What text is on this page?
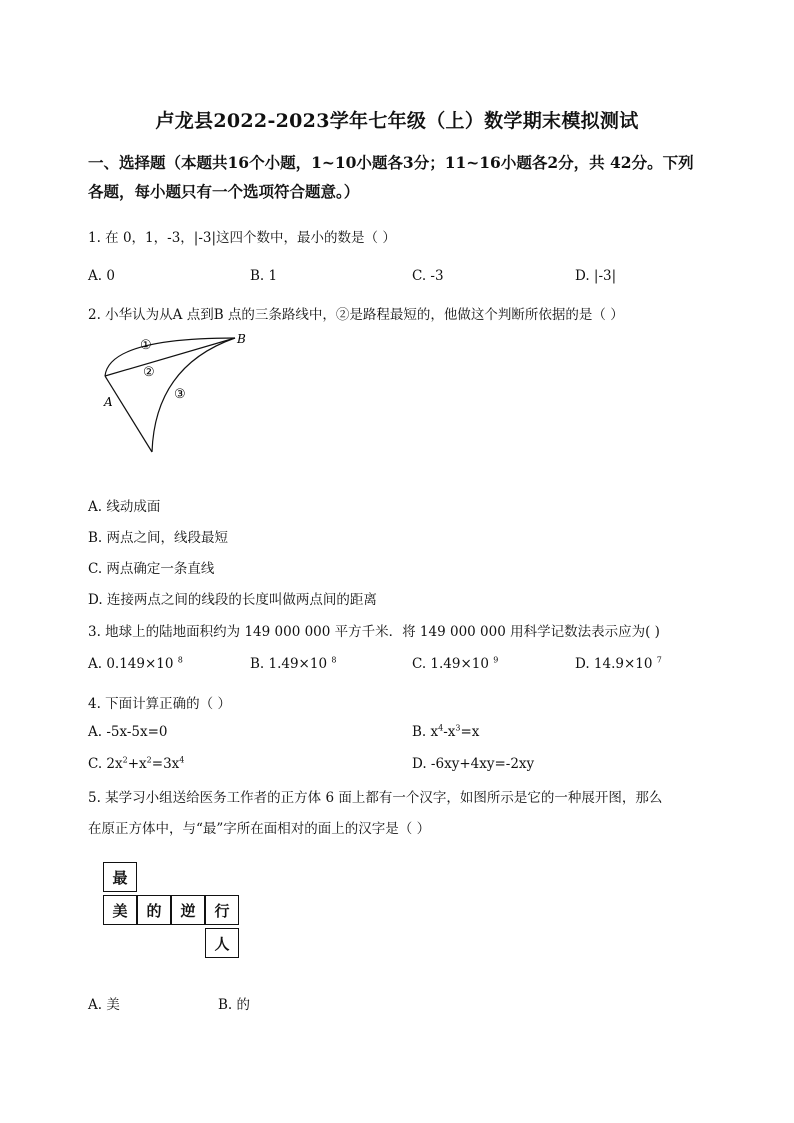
卢龙县2022-2023学年七年级（上）数学期末模拟测试
一、选择题（本题共16个小题，1~10小题各3分；11~16小题各2分，共 42分。下列
各题，每小题只有一个选项符合题意。）
1. 在 0，1，-3，|-3|这四个数中，最小的数是（ ）
A. 0	B. 1	C. -3	D. |-3|
2. 小华认为从A 点到B 点的三条路线中，②是路程最短的，他做这个判断所依据的是（ ）
A
B
①
②
③
A. 线动成面
B. 两点之间，线段最短
C. 两点确定一条直线
D. 连接两点之间的线段的长度叫做两点间的距离
3. 地球上的陆地面积约为 149 000 000 平方千米．将 149 000 000 用科学记数法表示应为( )
A. 0.149×10 $^8$	B. 1.49×10 $^8$	C. 1.49×10 $^9$	D. 14.9×10 $^7$
4. 下面计算正确的（ ）
A. -5x-5x=0	B. $x^4-x^3=x$
C. $2x^2+x^2=3x^4$	D. -6xy+4xy=-2xy
5. 某学习小组送给医务工作者的正方体 6 面上都有一个汉字，如图所示是它的一种展开图，那么
在原正方体中，与“最”字所在面相对的面上的汉字是（ ）
最
美	的	逆	行
人
A. 美	B. 的
